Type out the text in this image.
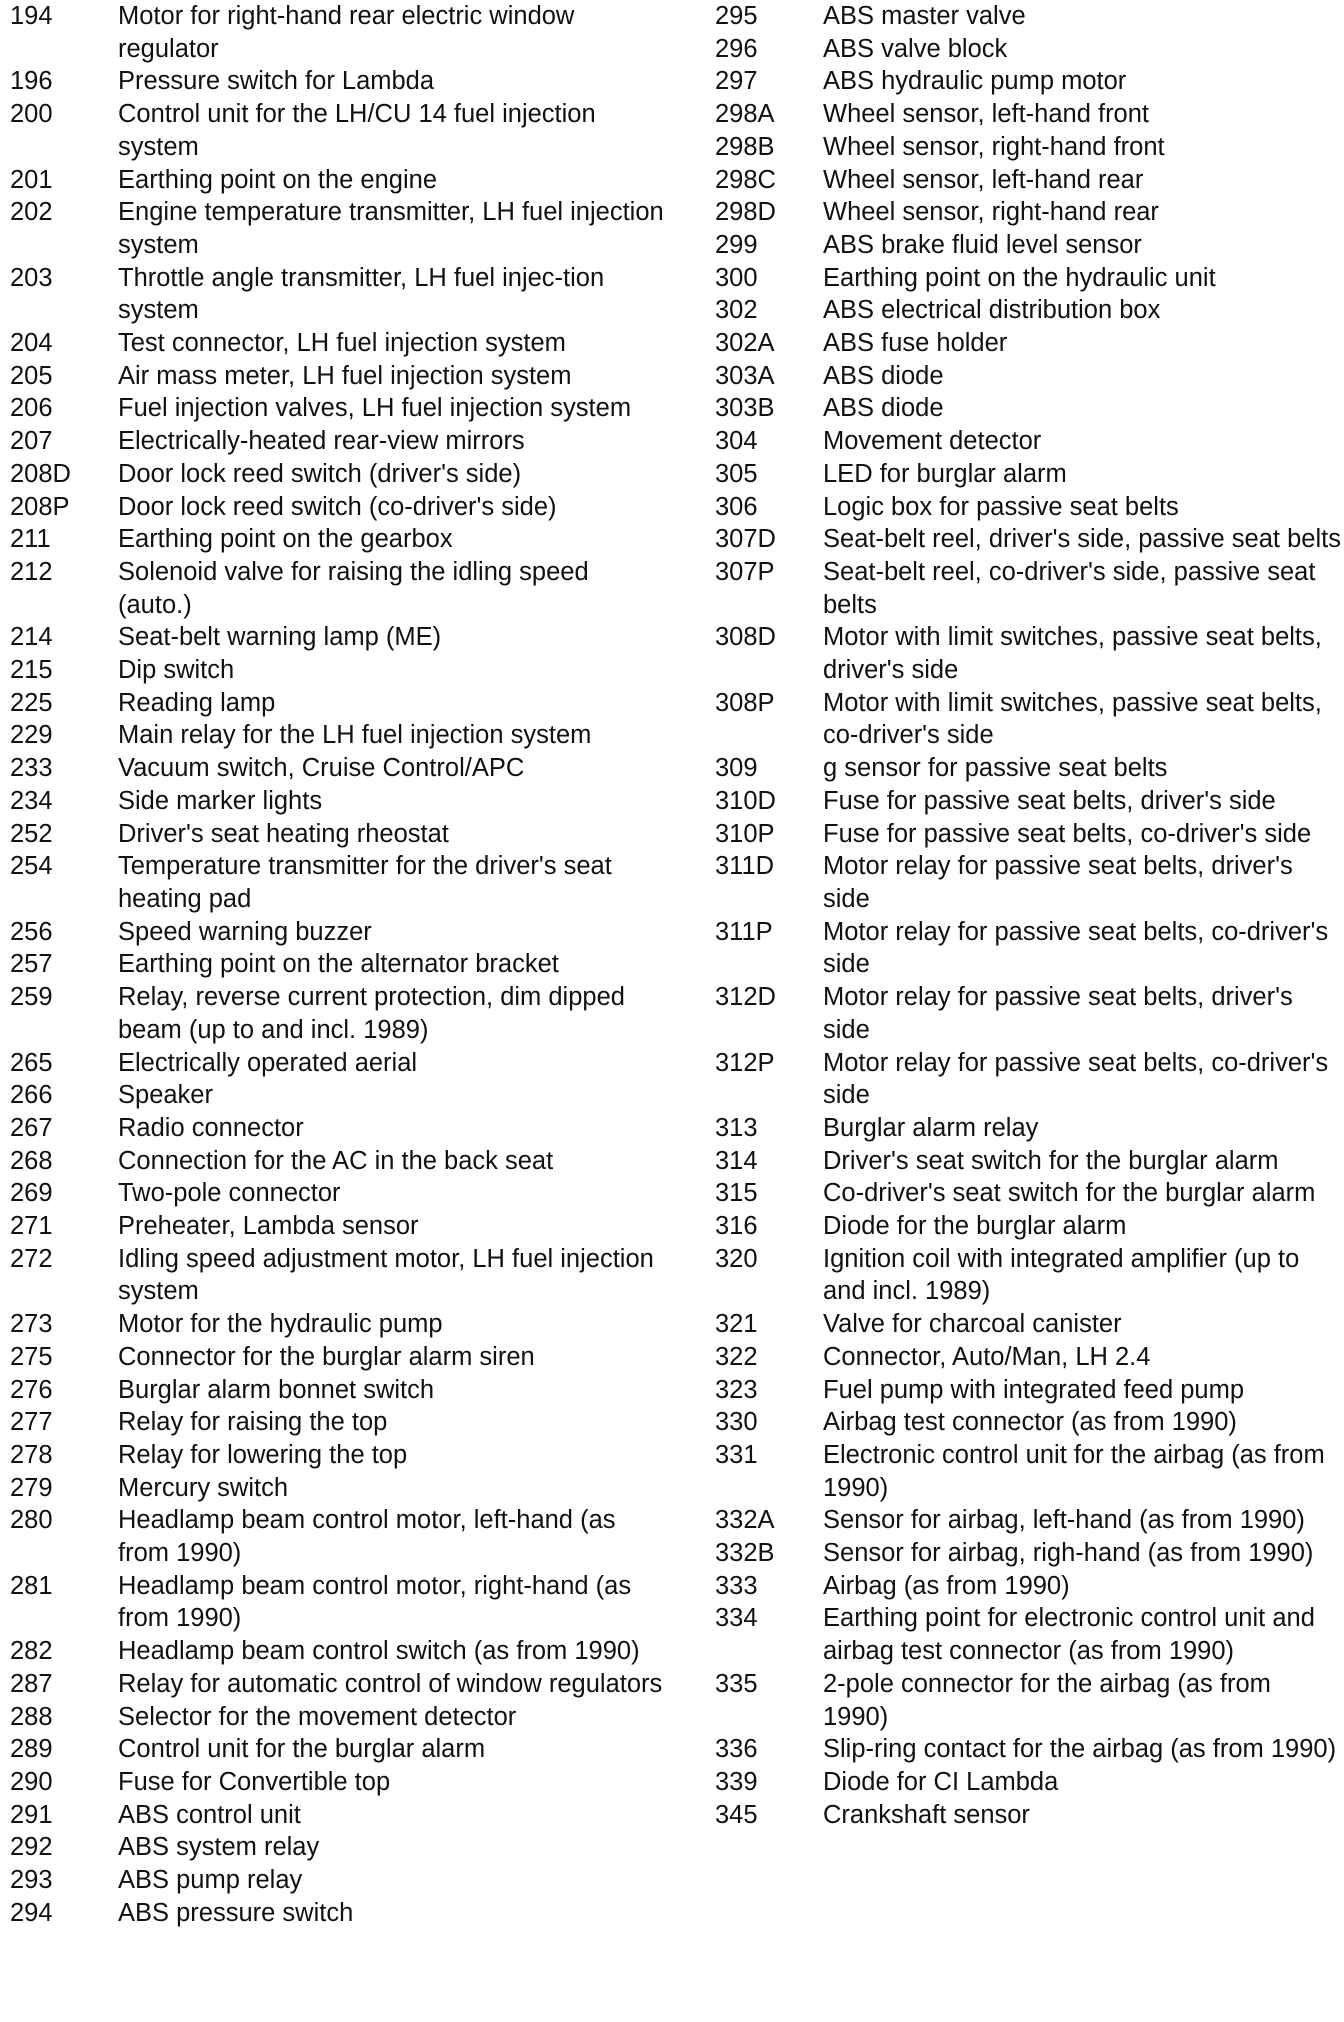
194	Motor for right-hand rear electric window regulator
196	Pressure switch for Lambda
200	Control unit for the LH/CU 14 fuel injection system
201	Earthing point on the engine
202	Engine temperature transmitter, LH fuel injection system
203	Throttle angle transmitter, LH fuel injec-tion system
204	Test connector, LH fuel injection system
205	Air mass meter, LH fuel injection system
206	Fuel injection valves, LH fuel injection system
207	Electrically-heated rear-view mirrors
208D	Door lock reed switch (driver's side)
208P	Door lock reed switch (co-driver's side)
211	Earthing point on the gearbox
212	Solenoid valve for raising the idling speed (auto.)
214	Seat-belt warning lamp (ME)
215	Dip switch
225	Reading lamp
229	Main relay for the LH fuel injection system
233	Vacuum switch, Cruise Control/APC
234	Side marker lights
252	Driver's seat heating rheostat
254	Temperature transmitter for the driver's seat heating pad
256	Speed warning buzzer
257	Earthing point on the alternator bracket
259	Relay, reverse current protection, dim dipped beam (up to and incl. 1989)
265	Electrically operated aerial
266	Speaker
267	Radio connector
268	Connection for the AC in the back seat
269	Two-pole connector
271	Preheater, Lambda sensor
272	Idling speed adjustment motor, LH fuel injection system
273	Motor for the hydraulic pump
275	Connector for the burglar alarm siren
276	Burglar alarm bonnet switch
277	Relay for raising the top
278	Relay for lowering the top
279	Mercury switch
280	Headlamp beam control motor, left-hand (as from 1990)
281	Headlamp beam control motor, right-hand (as from 1990)
282	Headlamp beam control switch (as from 1990)
287	Relay for automatic control of window regulators
288	Selector for the movement detector
289	Control unit for the burglar alarm
290	Fuse for Convertible top
291	ABS control unit
292	ABS system relay
293	ABS pump relay
294	ABS pressure switch
295	ABS master valve
296	ABS valve block
297	ABS hydraulic pump motor
298A	Wheel sensor, left-hand front
298B	Wheel sensor, right-hand front
298C	Wheel sensor, left-hand rear
298D	Wheel sensor, right-hand rear
299	ABS brake fluid level sensor
300	Earthing point on the hydraulic unit
302	ABS electrical distribution box
302A	ABS fuse holder
303A	ABS diode
303B	ABS diode
304	Movement detector
305	LED for burglar alarm
306	Logic box for passive seat belts
307D	Seat-belt reel, driver's side, passive seat belts
307P	Seat-belt reel, co-driver's side, passive seat belts
308D	Motor with limit switches, passive seat belts, driver's side
308P	Motor with limit switches, passive seat belts, co-driver's side
309	g sensor for passive seat belts
310D	Fuse for passive seat belts, driver's side
310P	Fuse for passive seat belts, co-driver's side
311D	Motor relay for passive seat belts, driver's side
311P	Motor relay for passive seat belts, co-driver's side
312D	Motor relay for passive seat belts, driver's side
312P	Motor relay for passive seat belts, co-driver's side
313	Burglar alarm relay
314	Driver's seat switch for the burglar alarm
315	Co-driver's seat switch for the burglar alarm
316	Diode for the burglar alarm
320	Ignition coil with integrated amplifier (up to and incl. 1989)
321	Valve for charcoal canister
322	Connector, Auto/Man, LH 2.4
323	Fuel pump with integrated feed pump
330	Airbag test connector (as from 1990)
331	Electronic control unit for the airbag (as from 1990)
332A	Sensor for airbag, left-hand (as from 1990)
332B	Sensor for airbag, righ-hand (as from 1990)
333	Airbag (as from 1990)
334	Earthing point for electronic control unit and airbag test connector (as from 1990)
335	2-pole connector for the airbag (as from 1990)
336	Slip-ring contact for the airbag (as from 1990)
339	Diode for CI Lambda
345	Crankshaft sensor
